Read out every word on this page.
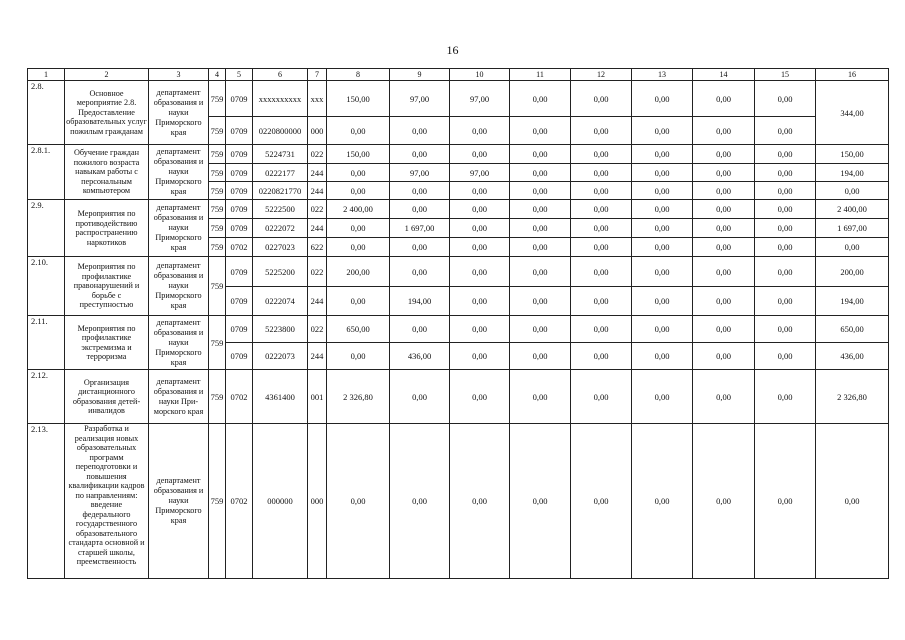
16
1	2	3	4	5	6	7	8	9	10	11	12	13	14	15	16
2.8.	Основное мероприятие 2.8. Предоставление образовательных услуг пожилым гражданам	департамент образования и науки Приморского края	759	0709	xxxxxxxxxx	xxx	150,00	97,00	97,00	0,00	0,00	0,00	0,00	0,00	344,00
			759	0709	0220800000	000	0,00	0,00	0,00	0,00	0,00	0,00	0,00	0,00	
2.8.1.	Обучение граждан пожилого возраста навыкам работы с персональным компьютером	департамент образования и науки Приморского края	759	0709	5224731	022	150,00	0,00	0,00	0,00	0,00	0,00	0,00	0,00	150,00
			759	0709	0222177	244	0,00	97,00	97,00	0,00	0,00	0,00	0,00	0,00	194,00
			759	0709	0220821770	244	0,00	0,00	0,00	0,00	0,00	0,00	0,00	0,00	0,00
2.9.	Мероприятия по противодействию распространению наркотиков	департамент образования и науки Приморского края	759	0709	5222500	022	2 400,00	0,00	0,00	0,00	0,00	0,00	0,00	0,00	2 400,00
			759	0709	0222072	244	0,00	1 697,00	0,00	0,00	0,00	0,00	0,00	0,00	1 697,00
			759	0702	0227023	622	0,00	0,00	0,00	0,00	0,00	0,00	0,00	0,00	0,00
2.10.	Мероприятия по профилактике правонарушений и борьбе с преступностью	департамент образования и науки Приморского края	759	0709	5225200	022	200,00	0,00	0,00	0,00	0,00	0,00	0,00	0,00	200,00
				0709	0222074	244	0,00	194,00	0,00	0,00	0,00	0,00	0,00	0,00	194,00
2.11.	Мероприятия по профилактике экстремизма и терроризма	департамент образования и науки Приморского края	759	0709	5223800	022	650,00	0,00	0,00	0,00	0,00	0,00	0,00	0,00	650,00
				0709	0222073	244	0,00	436,00	0,00	0,00	0,00	0,00	0,00	0,00	436,00
2.12.	Организация дистанционного образования детей-инвалидов	департамент образования и науки При-морского края	759	0702	4361400	001	2 326,80	0,00	0,00	0,00	0,00	0,00	0,00	0,00	2 326,80
2.13.	Разработка и реализация новых образовательных программ переподготовки и повышения квалификации кадров по направлениям: введение федерального государственного образовательного стандарта основной и старшей школы, преемственность	департамент образования и науки Приморского края	759	0702	000000	000	0,00	0,00	0,00	0,00	0,00	0,00	0,00	0,00	0,00
